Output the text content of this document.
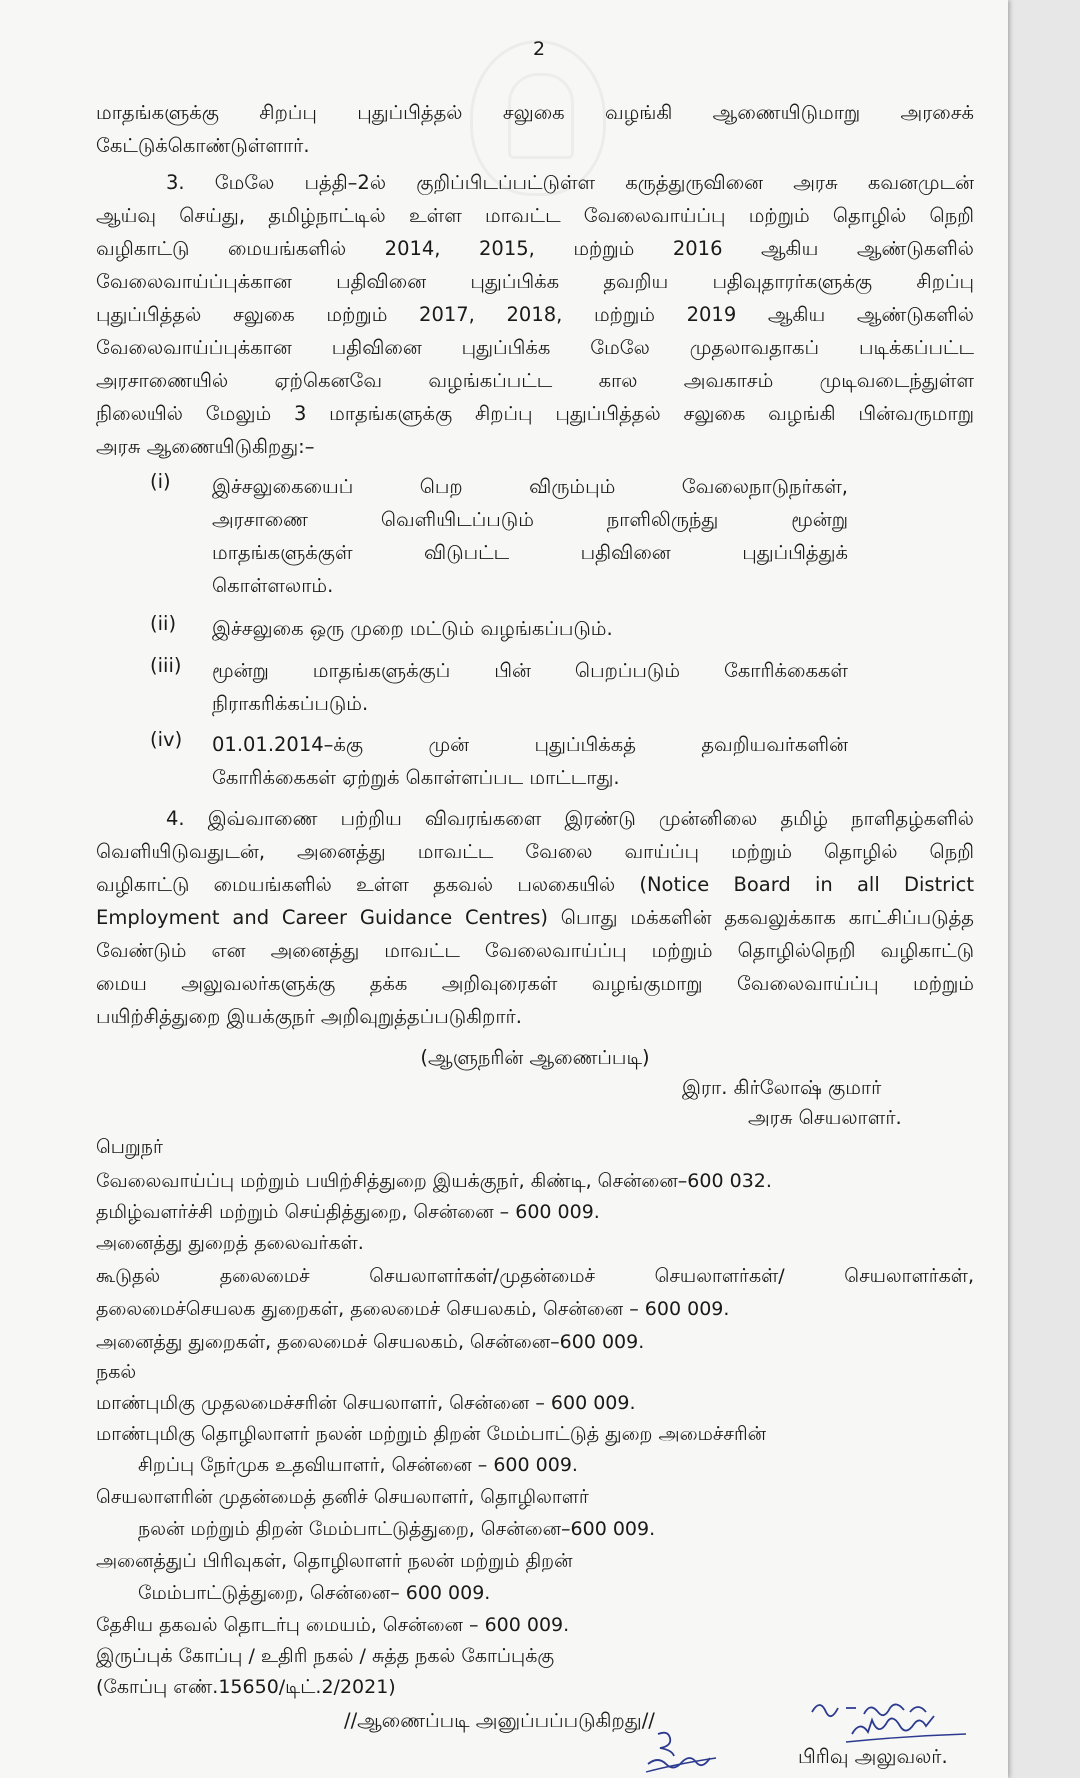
2
மாதங்களுக்கு சிறப்பு புதுப்பித்தல் சலுகை வழங்கி ஆணையிடுமாறு அரசைக்
கேட்டுக்கொண்டுள்ளார்.
3. மேலே பத்தி–2ல் குறிப்பிடப்பட்டுள்ள கருத்துருவினை அரசு கவனமுடன்
ஆய்வு செய்து, தமிழ்நாட்டில் உள்ள மாவட்ட வேலைவாய்ப்பு மற்றும் தொழில் நெறி
வழிகாட்டு மையங்களில் 2014, 2015, மற்றும் 2016 ஆகிய ஆண்டுகளில்
வேலைவாய்ப்புக்கான பதிவினை புதுப்பிக்க தவறிய பதிவுதாரர்களுக்கு சிறப்பு
புதுப்பித்தல் சலுகை மற்றும் 2017, 2018, மற்றும் 2019 ஆகிய ஆண்டுகளில்
வேலைவாய்ப்புக்கான பதிவினை புதுப்பிக்க மேலே முதலாவதாகப் படிக்கப்பட்ட
அரசாணையில் ஏற்கெனவே வழங்கப்பட்ட கால அவகாசம் முடிவடைந்துள்ள
நிலையில் மேலும் 3 மாதங்களுக்கு சிறப்பு புதுப்பித்தல் சலுகை வழங்கி பின்வருமாறு
அரசு ஆணையிடுகிறது:–
(i) இச்சலுகையைப் பெற விரும்பும் வேலைநாடுநர்கள்,
அரசாணை வெளியிடப்படும் நாளிலிருந்து மூன்று
மாதங்களுக்குள் விடுபட்ட பதிவினை புதுப்பித்துக்
கொள்ளலாம்.
(ii) இச்சலுகை ஒரு முறை மட்டும் வழங்கப்படும்.
(iii) மூன்று மாதங்களுக்குப் பின் பெறப்படும் கோரிக்கைகள்
நிராகரிக்கப்படும்.
(iv) 01.01.2014–க்கு முன் புதுப்பிக்கத் தவறியவர்களின்
கோரிக்கைகள் ஏற்றுக் கொள்ளப்பட மாட்டாது.
4. இவ்வாணை பற்றிய விவரங்களை இரண்டு முன்னிலை தமிழ் நாளிதழ்களில்
வெளியிடுவதுடன், அனைத்து மாவட்ட வேலை வாய்ப்பு மற்றும் தொழில் நெறி
வழிகாட்டு மையங்களில் உள்ள தகவல் பலகையில் (Notice Board in all District
Employment and Career Guidance Centres) பொது மக்களின் தகவலுக்காக காட்சிப்படுத்த
வேண்டும் என அனைத்து மாவட்ட வேலைவாய்ப்பு மற்றும் தொழில்நெறி வழிகாட்டு
மைய அலுவலர்களுக்கு தக்க அறிவுரைகள் வழங்குமாறு வேலைவாய்ப்பு மற்றும்
பயிற்சித்துறை இயக்குநர் அறிவுறுத்தப்படுகிறார்.
(ஆளுநரின் ஆணைப்படி)
இரா. கிர்லோஷ் குமார்
அரசு செயலாளர்.
பெறுநர்
வேலைவாய்ப்பு மற்றும் பயிற்சித்துறை இயக்குநர், கிண்டி, சென்னை–600 032.
தமிழ்வளர்ச்சி மற்றும் செய்தித்துறை, சென்னை – 600 009.
அனைத்து துறைத் தலைவர்கள்.
கூடுதல் தலைமைச் செயலாளர்கள்/முதன்மைச் செயலாளர்கள்/ செயலாளர்கள்,
தலைமைச்செயலக துறைகள், தலைமைச் செயலகம், சென்னை – 600 009.
அனைத்து துறைகள், தலைமைச் செயலகம், சென்னை–600 009.
நகல்
மாண்புமிகு முதலமைச்சரின் செயலாளர், சென்னை – 600 009.
மாண்புமிகு தொழிலாளர் நலன் மற்றும் திறன் மேம்பாட்டுத் துறை அமைச்சரின்
சிறப்பு நேர்முக உதவியாளர், சென்னை – 600 009.
செயலாளரின் முதன்மைத் தனிச் செயலாளர், தொழிலாளர்
நலன் மற்றும் திறன் மேம்பாட்டுத்துறை, சென்னை–600 009.
அனைத்துப் பிரிவுகள், தொழிலாளர் நலன் மற்றும் திறன்
மேம்பாட்டுத்துறை, சென்னை– 600 009.
தேசிய தகவல் தொடர்பு மையம், சென்னை – 600 009.
இருப்புக் கோப்பு / உதிரி நகல் / சுத்த நகல் கோப்புக்கு
(கோப்பு எண்.15650/டிட்.2/2021)
//ஆணைப்படி அனுப்பப்படுகிறது//
பிரிவு அலுவலர்.
